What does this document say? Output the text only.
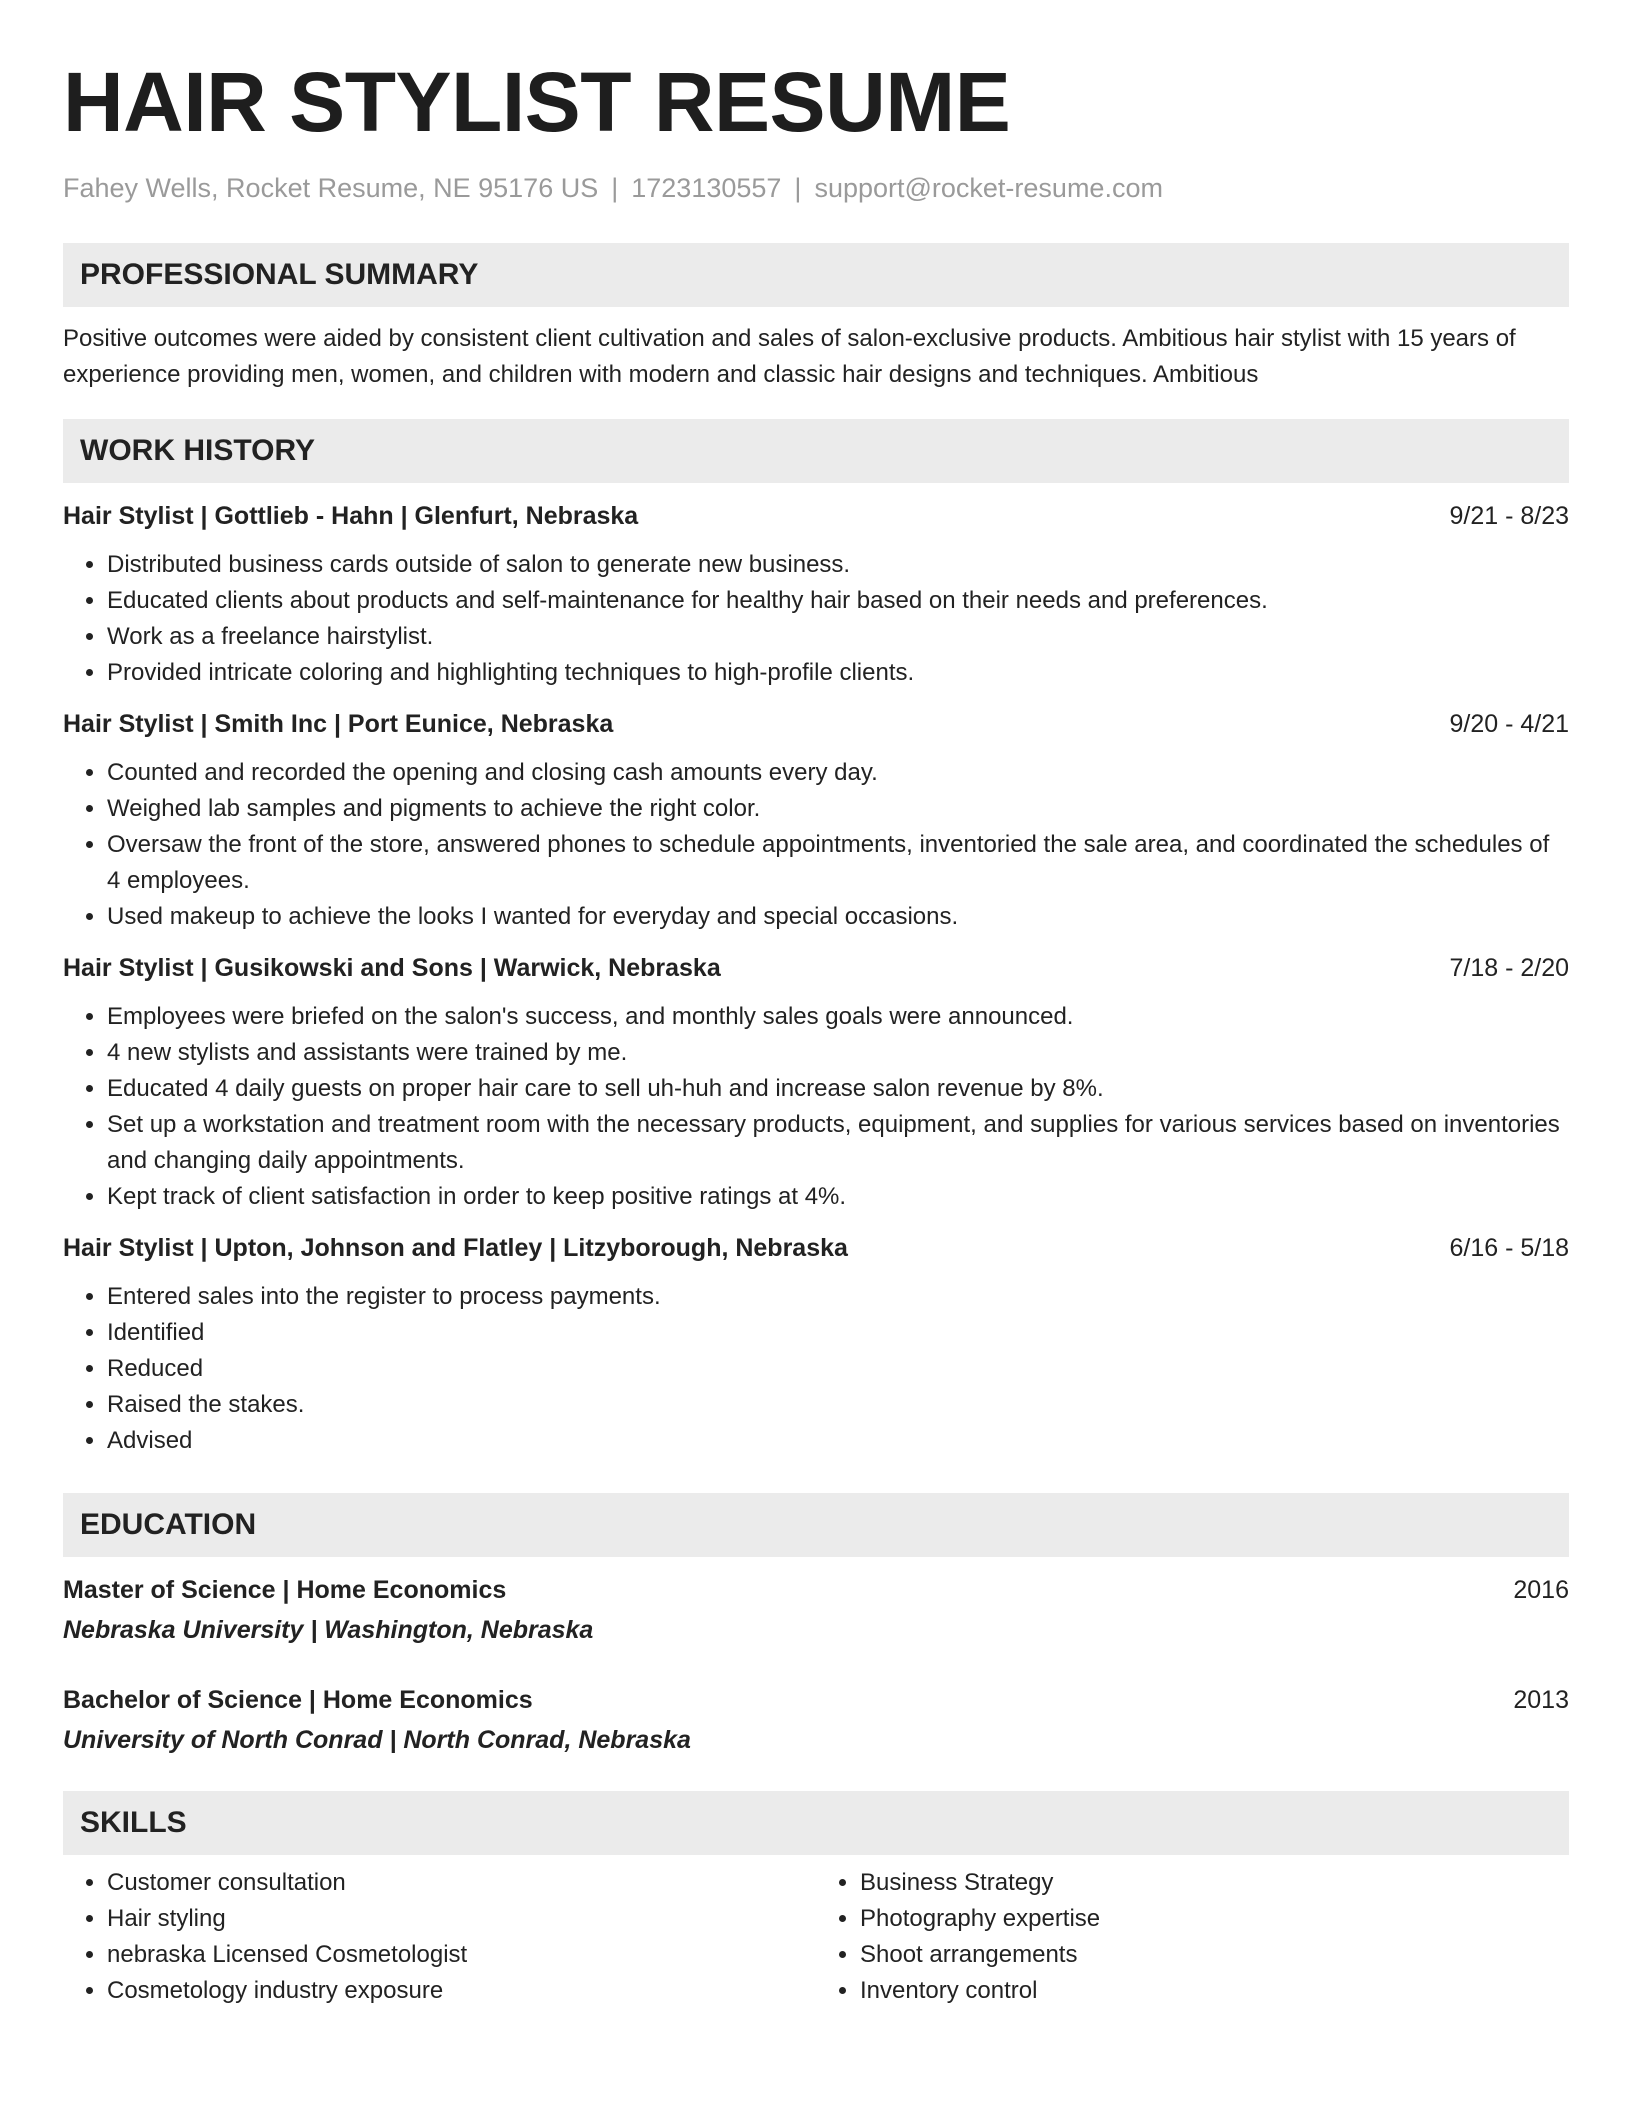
HAIR STYLIST RESUME
Fahey Wells, Rocket Resume, NE 95176 US | 1723130557 | support@rocket-resume.com
PROFESSIONAL SUMMARY

Positive outcomes were aided by consistent client cultivation and sales of salon-exclusive products. Ambitious hair stylist with 15 years of experience providing men, women, and children with modern and classic hair designs and techniques. Ambitious

WORK HISTORY
Hair Stylist | Gottlieb - Hahn | Glenfurt, Nebraska	9/21 - 8/23
• Distributed business cards outside of salon to generate new business.
• Educated clients about products and self-maintenance for healthy hair based on their needs and preferences.
• Work as a freelance hairstylist.
• Provided intricate coloring and highlighting techniques to high-profile clients.
Hair Stylist | Smith Inc | Port Eunice, Nebraska	9/20 - 4/21
• Counted and recorded the opening and closing cash amounts every day.
• Weighed lab samples and pigments to achieve the right color.
• Oversaw the front of the store, answered phones to schedule appointments, inventoried the sale area, and coordinated the schedules of 4 employees.
• Used makeup to achieve the looks I wanted for everyday and special occasions.
Hair Stylist | Gusikowski and Sons | Warwick, Nebraska	7/18 - 2/20
• Employees were briefed on the salon's success, and monthly sales goals were announced.
• 4 new stylists and assistants were trained by me.
• Educated 4 daily guests on proper hair care to sell uh-huh and increase salon revenue by 8%.
• Set up a workstation and treatment room with the necessary products, equipment, and supplies for various services based on inventories and changing daily appointments.
• Kept track of client satisfaction in order to keep positive ratings at 4%.
Hair Stylist | Upton, Johnson and Flatley | Litzyborough, Nebraska	6/16 - 5/18
• Entered sales into the register to process payments.
• Identified
• Reduced
• Raised the stakes.
• Advised
EDUCATION
Master of Science | Home Economics	2016
Nebraska University | Washington, Nebraska
Bachelor of Science | Home Economics	2013
University of North Conrad | North Conrad, Nebraska
SKILLS
• Customer consultation
• Hair styling
• nebraska Licensed Cosmetologist
• Cosmetology industry exposure
• Business Strategy
• Photography expertise
• Shoot arrangements
• Inventory control
